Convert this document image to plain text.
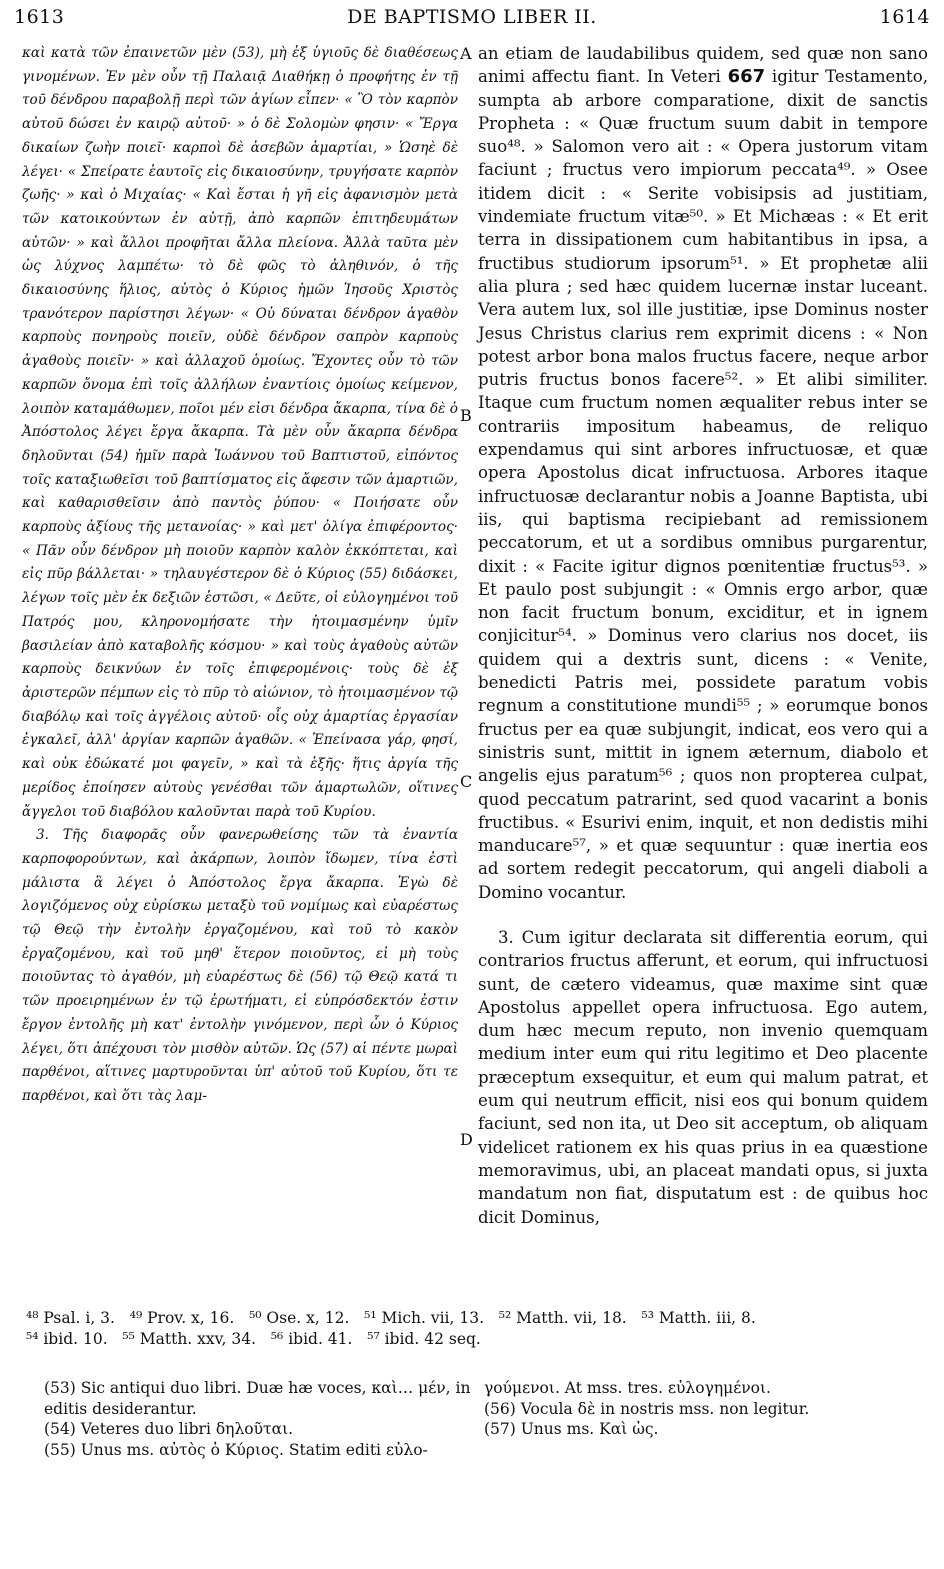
DE BAPTISMO LIBER II.
1613	1614

καὶ κατὰ τῶν ἐπαινετῶν μὲν (53), μὴ ἐξ ὑγιοῦς δὲ διαθέσεως γινομένων. Ἐν μὲν οὖν τῇ Παλαιᾷ Διαθήκῃ ὁ προφήτης ἐν τῇ τοῦ δένδρου παραβολῇ περὶ τῶν ἁγίων εἶπεν· « Ὃ τὸν καρπὸν αὐτοῦ δώσει ἐν καιρῷ αὐτοῦ· » ὁ δὲ Σολομὼν φησιν· « Ἔργα δικαίων ζωὴν ποιεῖ· καρποὶ δὲ ἀσεβῶν ἁμαρτίαι, » Ὡσηὲ δὲ λέγει· « Σπείρατε ἑαυτοῖς εἰς δικαιοσύνην, τρυγήσατε καρπὸν ζωῆς· » καὶ ὁ Μιχαίας· « Καὶ ἔσται ἡ γῆ εἰς ἀφανισμὸν μετὰ τῶν κατοικούντων ἐν αὐτῇ, ἀπὸ καρπῶν ἐπιτηδευμάτων αὐτῶν· » καὶ ἄλλοι προφῆται ἄλλα πλείονα. Ἀλλὰ ταῦτα μὲν ὡς λύχνος λαμπέτω· τὸ δὲ φῶς τὸ ἀληθινόν, ὁ τῆς δικαιοσύνης ἥλιος, αὐτὸς ὁ Κύριος ἡμῶν Ἰησοῦς Χριστὸς τρανότερον παρίστησι λέγων· « Οὐ δύναται δένδρον ἀγαθὸν καρποὺς πονηροὺς ποιεῖν, οὐδὲ δένδρον σαπρὸν καρποὺς ἀγαθοὺς ποιεῖν· » καὶ ἀλλαχοῦ ὁμοίως. Ἔχοντες οὖν τὸ τῶν καρπῶν ὄνομα ἐπὶ τοῖς ἀλλήλων ἐναντίοις ὁμοίως κείμενον, λοιπὸν καταμάθωμεν, ποῖοι μέν εἰσι δένδρα ἄκαρπα, τίνα δὲ ὁ Ἀπόστολος λέγει ἔργα ἄκαρπα. Τὰ μὲν οὖν ἄκαρπα δένδρα δηλοῦνται (54) ἡμῖν παρὰ Ἰωάννου τοῦ Βαπτιστοῦ, εἰπόντος τοῖς καταξιωθεῖσι τοῦ βαπτίσματος εἰς ἄφεσιν τῶν ἁμαρτιῶν, καὶ καθαρισθεῖσιν ἀπὸ παντὸς ῥύπου· « Ποιήσατε οὖν καρποὺς ἀξίους τῆς μετανοίας· » καὶ μετ' ὀλίγα ἐπιφέροντος· « Πᾶν οὖν δένδρον μὴ ποιοῦν καρπὸν καλὸν ἐκκόπτεται, καὶ εἰς πῦρ βάλλεται· » τηλαυγέστερον δὲ ὁ Κύριος (55) διδάσκει, λέγων τοῖς μὲν ἐκ δεξιῶν ἑστῶσι, « Δεῦτε, οἱ εὐλογημένοι τοῦ Πατρός μου, κληρονομήσατε τὴν ἡτοιμασμένην ὑμῖν βασιλείαν ἀπὸ καταβολῆς κόσμου· » καὶ τοὺς ἀγαθοὺς αὐτῶν καρποὺς δεικνύων ἐν τοῖς ἐπιφερομένοις· τοὺς δὲ ἐξ ἀριστερῶν πέμπων εἰς τὸ πῦρ τὸ αἰώνιον, τὸ ἡτοιμασμένον τῷ διαβόλῳ καὶ τοῖς ἀγγέλοις αὐτοῦ· οἷς οὐχ ἁμαρτίας ἐργασίαν ἐγκαλεῖ, ἀλλ' ἀργίαν καρπῶν ἀγαθῶν. « Ἐπείνασα γάρ, φησί, καὶ οὐκ ἐδώκατέ μοι φαγεῖν, » καὶ τὰ ἑξῆς· ἥτις ἀργία τῆς μερίδος ἐποίησεν αὐτοὺς γενέσθαι τῶν ἁμαρτωλῶν, οἵτινες ἄγγελοι τοῦ διαβόλου καλοῦνται παρὰ τοῦ Κυρίου.

3. Τῆς διαφορᾶς οὖν φανερωθείσης τῶν τὰ ἐναντία καρποφορούντων, καὶ ἀκάρπων, λοιπὸν ἴδωμεν, τίνα ἐστὶ μάλιστα ἃ λέγει ὁ Ἀπόστολος ἔργα ἄκαρπα. Ἐγὼ δὲ λογιζόμενος οὐχ εὑρίσκω μεταξὺ τοῦ νομίμως καὶ εὐαρέστως τῷ Θεῷ τὴν ἐντολὴν ἐργαζομένου, καὶ τοῦ τὸ κακὸν ἐργαζομένου, καὶ τοῦ μηθ' ἕτερον ποιοῦντος, εἰ μὴ τοὺς ποιοῦντας τὸ ἀγαθόν, μὴ εὐαρέστως δὲ (56) τῷ Θεῷ κατά τι τῶν προειρημένων ἐν τῷ ἐρωτήματι, εἰ εὐπρόσδεκτόν ἐστιν ἔργον ἐντολῆς μὴ κατ' ἐντολὴν γινόμενον, περὶ ὧν ὁ Κύριος λέγει, ὅτι ἀπέχουσι τὸν μισθὸν αὐτῶν. Ὡς (57) αἱ πέντε μωραὶ παρθένοι, αἵτινες μαρτυροῦνται ὑπ' αὐτοῦ τοῦ Κυρίου, ὅτι τε παρθένοι, καὶ ὅτι τὰς λαμ-

A
B
C
D

an etiam de laudabilibus quidem, sed quæ non sano animi affectu fiant. In Veteri 667 igitur Testamento, sumpta ab arbore comparatione, dixit de sanctis Propheta : « Quæ fructum suum dabit in tempore suo⁴⁸. » Salomon vero ait : « Opera justorum vitam faciunt ; fructus vero impiorum peccata⁴⁹. » Osee itidem dicit : « Serite vobisipsis ad justitiam, vindemiate fructum vitæ⁵⁰. » Et Michæas : « Et erit terra in dissipationem cum habitantibus in ipsa, a fructibus studiorum ipsorum⁵¹. » Et prophetæ alii alia plura ; sed hæc quidem lucernæ instar luceant. Vera autem lux, sol ille justitiæ, ipse Dominus noster Jesus Christus clarius rem exprimit dicens : « Non potest arbor bona malos fructus facere, neque arbor putris fructus bonos facere⁵². » Et alibi similiter. Itaque cum fructum nomen æqualiter rebus inter se contrariis impositum habeamus, de reliquo expendamus qui sint arbores infructuosæ, et quæ opera Apostolus dicat infructuosa. Arbores itaque infructuosæ declarantur nobis a Joanne Baptista, ubi iis, qui baptisma recipiebant ad remissionem peccatorum, et ut a sordibus omnibus purgarentur, dixit : « Facite igitur dignos pœnitentiæ fructus⁵³. » Et paulo post subjungit : « Omnis ergo arbor, quæ non facit fructum bonum, exciditur, et in ignem conjicitur⁵⁴. » Dominus vero clarius nos docet, iis quidem qui a dextris sunt, dicens : « Venite, benedicti Patris mei, possidete paratum vobis regnum a constitutione mundi⁵⁵ ; » eorumque bonos fructus per ea quæ subjungit, indicat, eos vero qui a sinistris sunt, mittit in ignem æternum, diabolo et angelis ejus paratum⁵⁶ ; quos non propterea culpat, quod peccatum patrarint, sed quod vacarint a bonis fructibus. « Esurivi enim, inquit, et non dedistis mihi manducare⁵⁷, » et quæ sequuntur : quæ inertia eos ad sortem redegit peccatorum, qui angeli diaboli a Domino vocantur.

3. Cum igitur declarata sit differentia eorum, qui contrarios fructus afferunt, et eorum, qui infructuosi sunt, de cætero videamus, quæ maxime sint quæ Apostolus appellet opera infructuosa. Ego autem, dum hæc mecum reputo, non invenio quemquam medium inter eum qui ritu legitimo et Deo placente præceptum exsequitur, et eum qui malum patrat, et eum qui neutrum efficit, nisi eos qui bonum quidem faciunt, sed non ita, ut Deo sit acceptum, ob aliquam videlicet rationem ex his quas prius in ea quæstione memoravimus, ubi, an placeat mandati opus, si juxta mandatum non fiat, disputatum est : de quibus hoc dicit Dominus,

⁴⁸ Psal. i, 3.   ⁴⁹ Prov. x, 16.   ⁵⁰ Ose. x, 12.   ⁵¹ Mich. vii, 13.   ⁵² Matth. vii, 18.   ⁵³ Matth. iii, 8.
⁵⁴ ibid. 10.   ⁵⁵ Matth. xxv, 34.   ⁵⁶ ibid. 41.   ⁵⁷ ibid. 42 seq.

(53) Sic antiqui duo libri. Duæ hæ voces, καὶ… μέν, in editis desiderantur.

(54) Veteres duo libri δηλοῦται.

(55) Unus ms. αὐτὸς ὁ Κύριος. Statim editi εὐλο-

γούμενοι. At mss. tres. εὐλογημένοι.

(56) Vocula δὲ in nostris mss. non legitur.

(57) Unus ms. Καὶ ὡς.
